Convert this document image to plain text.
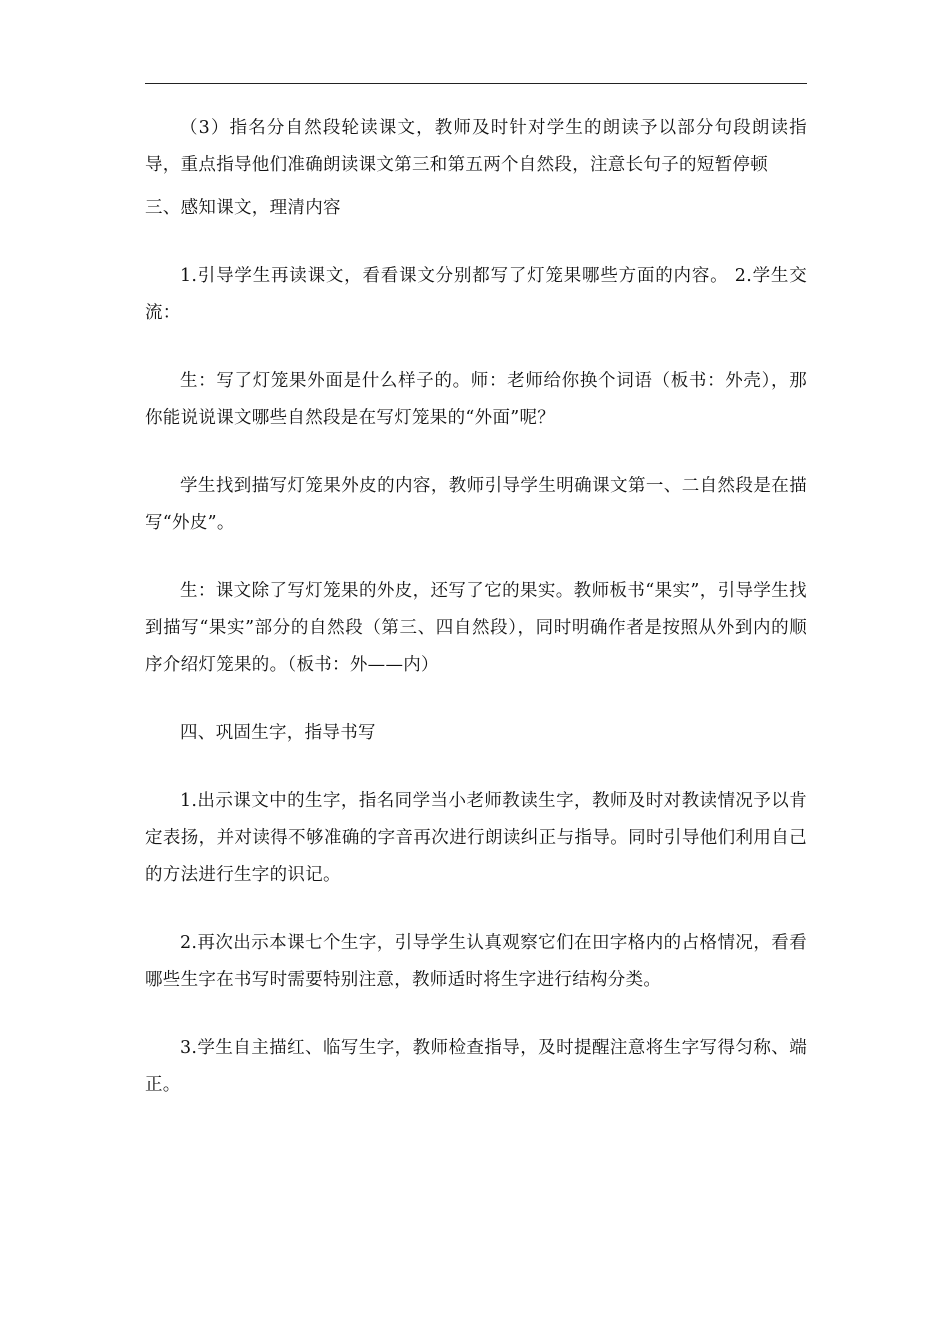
（3）指名分自然段轮读课文，教师及时针对学生的朗读予以部分句段朗读指导，重点指导他们准确朗读课文第三和第五两个自然段，注意长句子的短暂停顿

三、感知课文，理清内容

1.引导学生再读课文，看看课文分别都写了灯笼果哪些方面的内容。 2.学生交流：

生：写了灯笼果外面是什么样子的。师：老师给你换个词语（板书：外壳），那你能说说课文哪些自然段是在写灯笼果的“外面”呢？

学生找到描写灯笼果外皮的内容，教师引导学生明确课文第一、二自然段是在描写“外皮”。

生：课文除了写灯笼果的外皮，还写了它的果实。教师板书“果实”，引导学生找到描写“果实”部分的自然段（第三、四自然段），同时明确作者是按照从外到内的顺序介绍灯笼果的。（板书：外——内）

四、巩固生字，指导书写

1.出示课文中的生字，指名同学当小老师教读生字，教师及时对教读情况予以肯定表扬，并对读得不够准确的字音再次进行朗读纠正与指导。同时引导他们利用自己的方法进行生字的识记。

2.再次出示本课七个生字，引导学生认真观察它们在田字格内的占格情况，看看哪些生字在书写时需要特别注意，教师适时将生字进行结构分类。

3.学生自主描红、临写生字，教师检查指导，及时提醒注意将生字写得匀称、端正。
